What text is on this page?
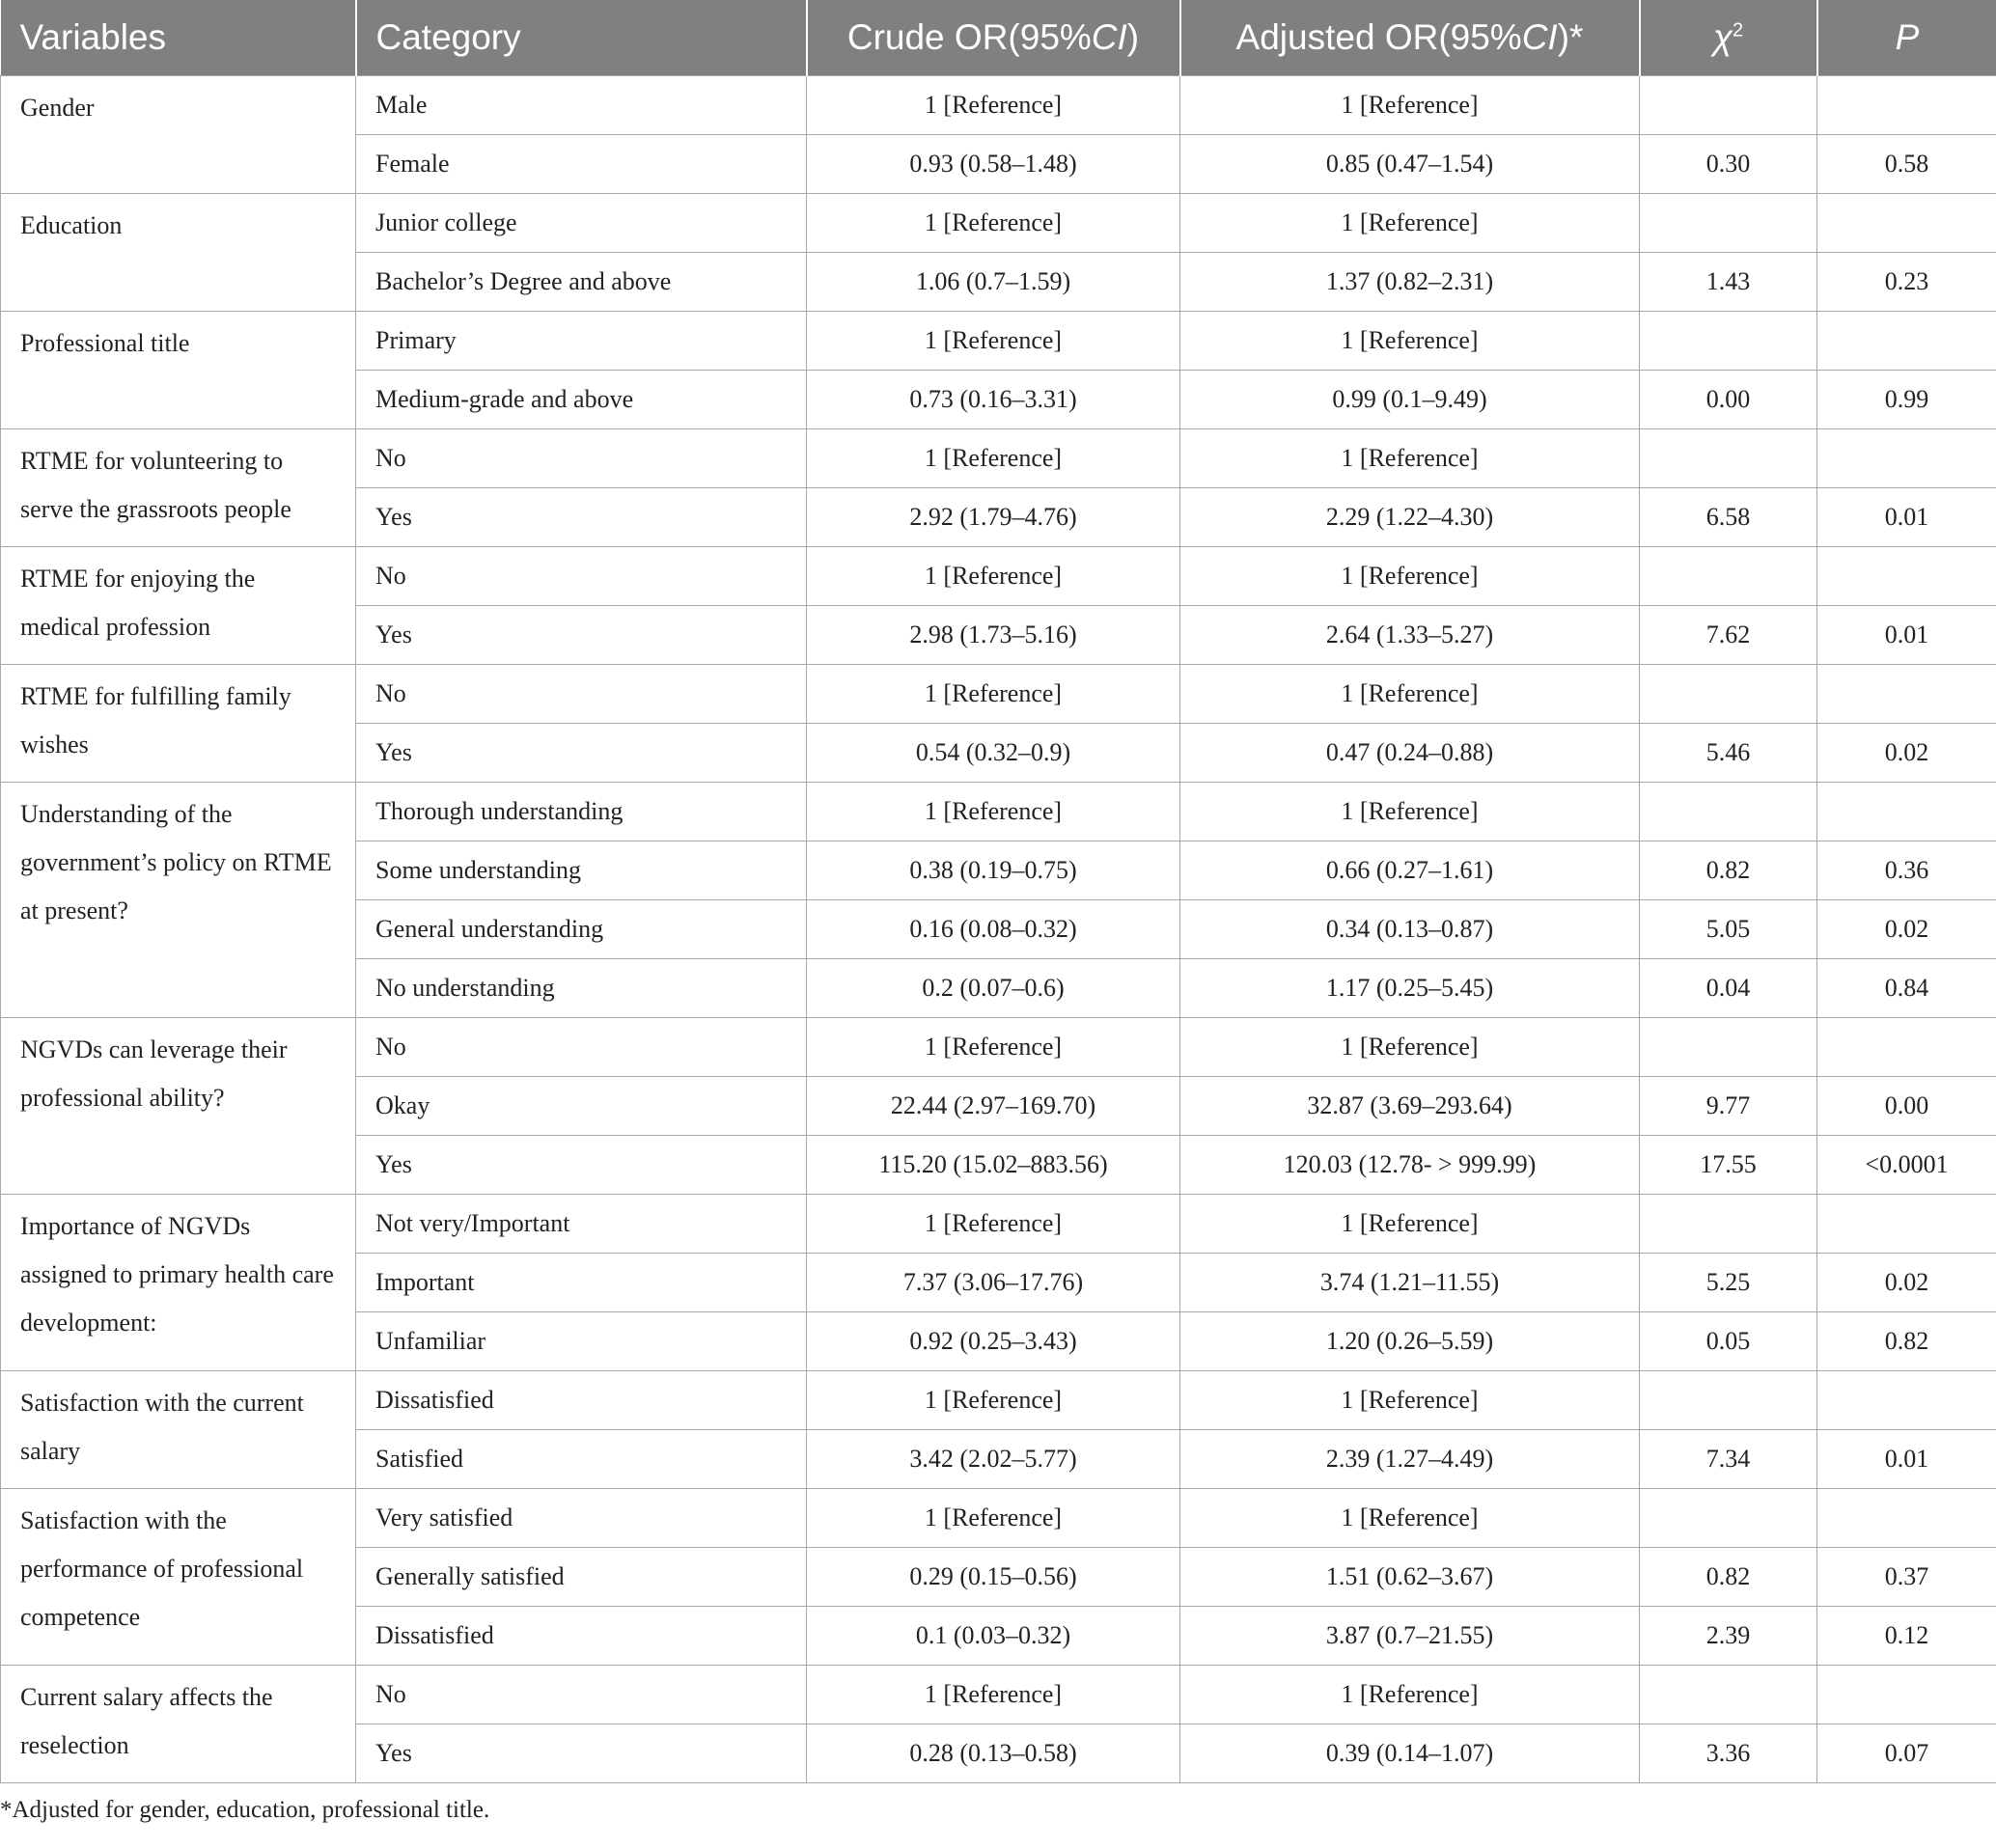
Variables	Category	Crude OR(95%CI)	Adjusted OR(95%CI)*	$\chi^2$	P
Gender	Male	1 [Reference]	1 [Reference]		
	Female	0.93 (0.58–1.48)	0.85 (0.47–1.54)	0.30	0.58
Education	Junior college	1 [Reference]	1 [Reference]		
	Bachelor’s Degree and above	1.06 (0.7–1.59)	1.37 (0.82–2.31)	1.43	0.23
Professional title	Primary	1 [Reference]	1 [Reference]		
	Medium-grade and above	0.73 (0.16–3.31)	0.99 (0.1–9.49)	0.00	0.99
RTME for volunteering to serve the grassroots people	No	1 [Reference]	1 [Reference]		
	Yes	2.92 (1.79–4.76)	2.29 (1.22–4.30)	6.58	0.01
RTME for enjoying the medical profession	No	1 [Reference]	1 [Reference]		
	Yes	2.98 (1.73–5.16)	2.64 (1.33–5.27)	7.62	0.01
RTME for fulfilling family wishes	No	1 [Reference]	1 [Reference]		
	Yes	0.54 (0.32–0.9)	0.47 (0.24–0.88)	5.46	0.02
Understanding of the government’s policy on RTME at present?	Thorough understanding	1 [Reference]	1 [Reference]		
	Some understanding	0.38 (0.19–0.75)	0.66 (0.27–1.61)	0.82	0.36
	General understanding	0.16 (0.08–0.32)	0.34 (0.13–0.87)	5.05	0.02
	No understanding	0.2 (0.07–0.6)	1.17 (0.25–5.45)	0.04	0.84
NGVDs can leverage their professional ability?	No	1 [Reference]	1 [Reference]		
	Okay	22.44 (2.97–169.70)	32.87 (3.69–293.64)	9.77	0.00
	Yes	115.20 (15.02–883.56)	120.03 (12.78- > 999.99)	17.55	<0.0001
Importance of NGVDs assigned to primary health care development:	Not very/Important	1 [Reference]	1 [Reference]		
	Important	7.37 (3.06–17.76)	3.74 (1.21–11.55)	5.25	0.02
	Unfamiliar	0.92 (0.25–3.43)	1.20 (0.26–5.59)	0.05	0.82
Satisfaction with the current salary	Dissatisfied	1 [Reference]	1 [Reference]		
	Satisfied	3.42 (2.02–5.77)	2.39 (1.27–4.49)	7.34	0.01
Satisfaction with the performance of professional competence	Very satisfied	1 [Reference]	1 [Reference]		
	Generally satisfied	0.29 (0.15–0.56)	1.51 (0.62–3.67)	0.82	0.37
	Dissatisfied	0.1 (0.03–0.32)	3.87 (0.7–21.55)	2.39	0.12
Current salary affects the reselection	No	1 [Reference]	1 [Reference]		
	Yes	0.28 (0.13–0.58)	0.39 (0.14–1.07)	3.36	0.07
*Adjusted for gender, education, professional title.
